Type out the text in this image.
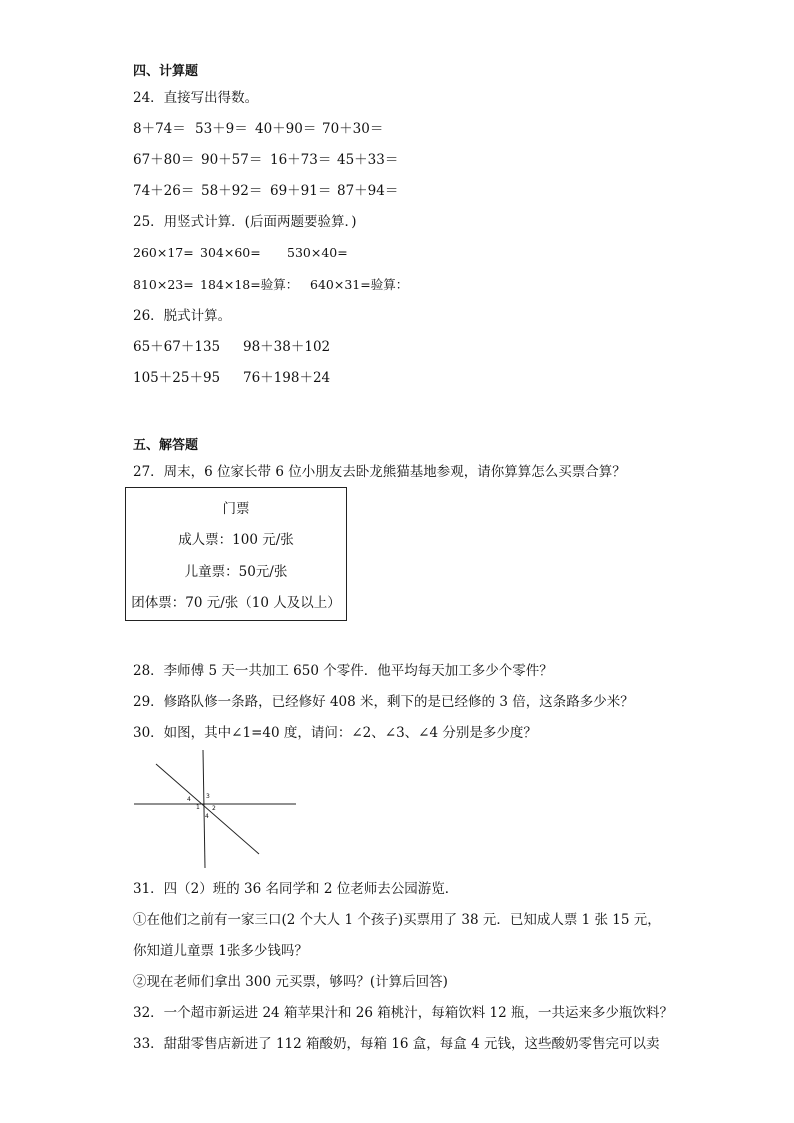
四、计算题
24．直接写出得数。
8＋74＝ 53＋9＝ 40＋90＝ 70＋30＝
67＋80＝ 90＋57＝ 16＋73＝ 45＋33＝
74＋26＝ 58＋92＝ 69＋91＝ 87＋94＝
25．用竖式计算．(后面两题要验算．)
260×17= 304×60= 530×40=
810×23= 184×18=验算： 640×31=验算：
26．脱式计算。
65＋67＋135 98＋38＋102
105＋25＋95 76＋198＋24
五、解答题
27．周末，6 位家长带 6 位小朋友去卧龙熊猫基地参观，请你算算怎么买票合算？
门票
成人票：100 元/张
儿童票：50元/张
团体票：70 元/张（10 人及以上）
28．李师傅 5 天一共加工 650 个零件．他平均每天加工多少个零件？
29．修路队修一条路，已经修好 408 米，剩下的是已经修的 3 倍，这条路多少米？
30．如图，其中∠1=40 度，请问：∠2、∠3、∠4 分别是多少度？
4
1
3
2
4
31．四（2）班的 36 名同学和 2 位老师去公园游览．
①在他们之前有一家三口(2 个大人 1 个孩子)买票用了 38 元．已知成人票 1 张 15 元，
你知道儿童票 1张多少钱吗？
②现在老师们拿出 300 元买票，够吗？(计算后回答)
32．一个超市新运进 24 箱苹果汁和 26 箱桃汁，每箱饮料 12 瓶，一共运来多少瓶饮料？
33．甜甜零售店新进了 112 箱酸奶，每箱 16 盒，每盒 4 元钱，这些酸奶零售完可以卖
